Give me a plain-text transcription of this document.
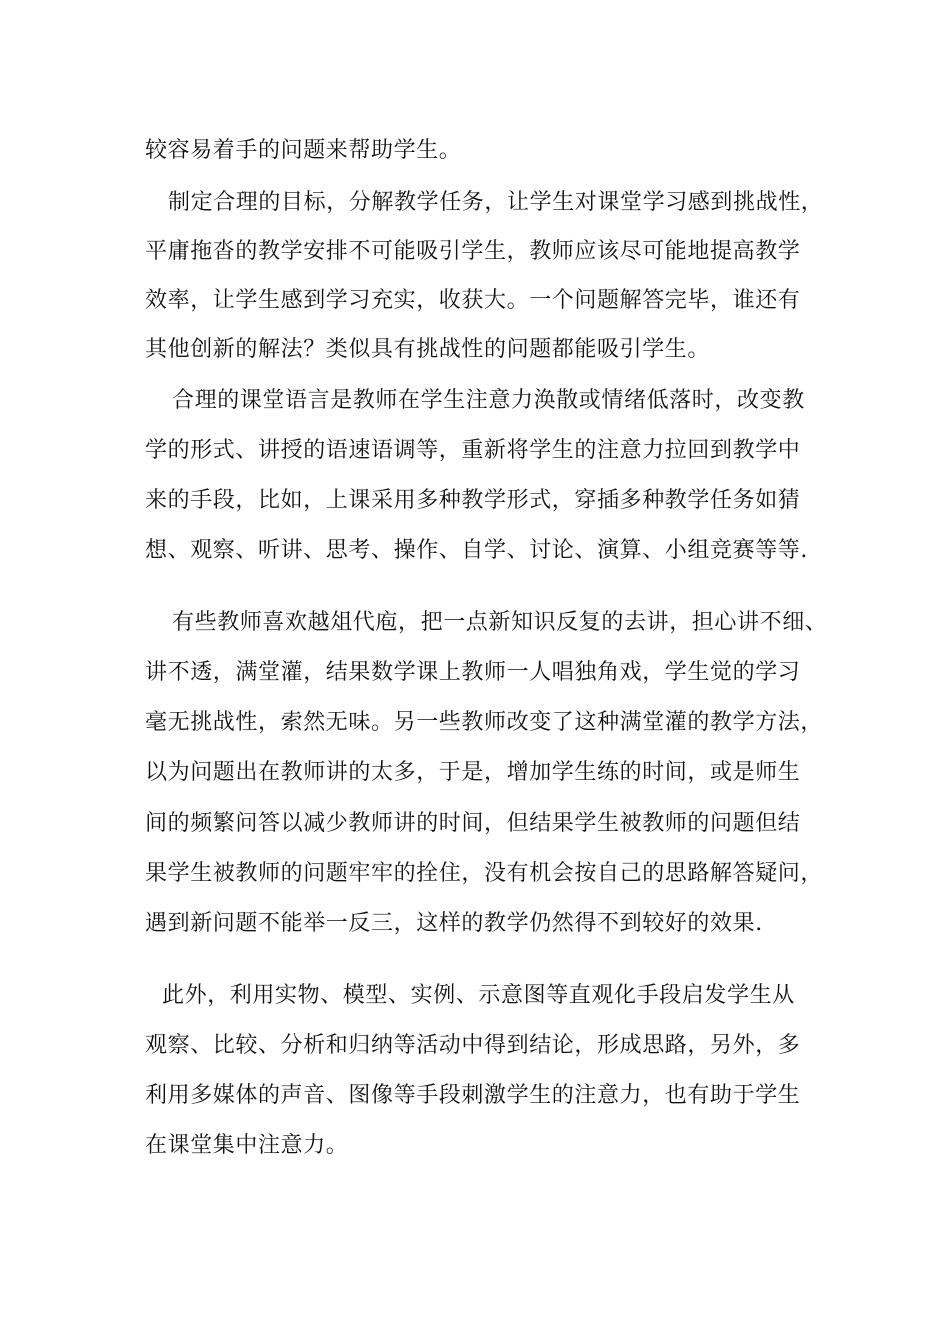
较容易着手的问题来帮助学生。
制定合理的目标，分解教学任务，让学生对课堂学习感到挑战性，
平庸拖沓的教学安排不可能吸引学生，教师应该尽可能地提高教学
效率，让学生感到学习充实，收获大。一个问题解答完毕，谁还有
其他创新的解法？类似具有挑战性的问题都能吸引学生。
合理的课堂语言是教师在学生注意力涣散或情绪低落时，改变教
学的形式、讲授的语速语调等，重新将学生的注意力拉回到教学中
来的手段，比如，上课采用多种教学形式，穿插多种教学任务如猜
想、观察、听讲、思考、操作、自学、讨论、演算、小组竞赛等等.
有些教师喜欢越俎代庖，把一点新知识反复的去讲，担心讲不细、
讲不透，满堂灌，结果数学课上教师一人唱独角戏，学生觉的学习
毫无挑战性，索然无味。另一些教师改变了这种满堂灌的教学方法，
以为问题出在教师讲的太多，于是，增加学生练的时间，或是师生
间的频繁问答以减少教师讲的时间，但结果学生被教师的问题但结
果学生被教师的问题牢牢的拴住，没有机会按自己的思路解答疑问，
遇到新问题不能举一反三，这样的教学仍然得不到较好的效果.
此外，利用实物、模型、实例、示意图等直观化手段启发学生从
观察、比较、分析和归纳等活动中得到结论，形成思路，另外，多
利用多媒体的声音、图像等手段刺激学生的注意力，也有助于学生
在课堂集中注意力。
